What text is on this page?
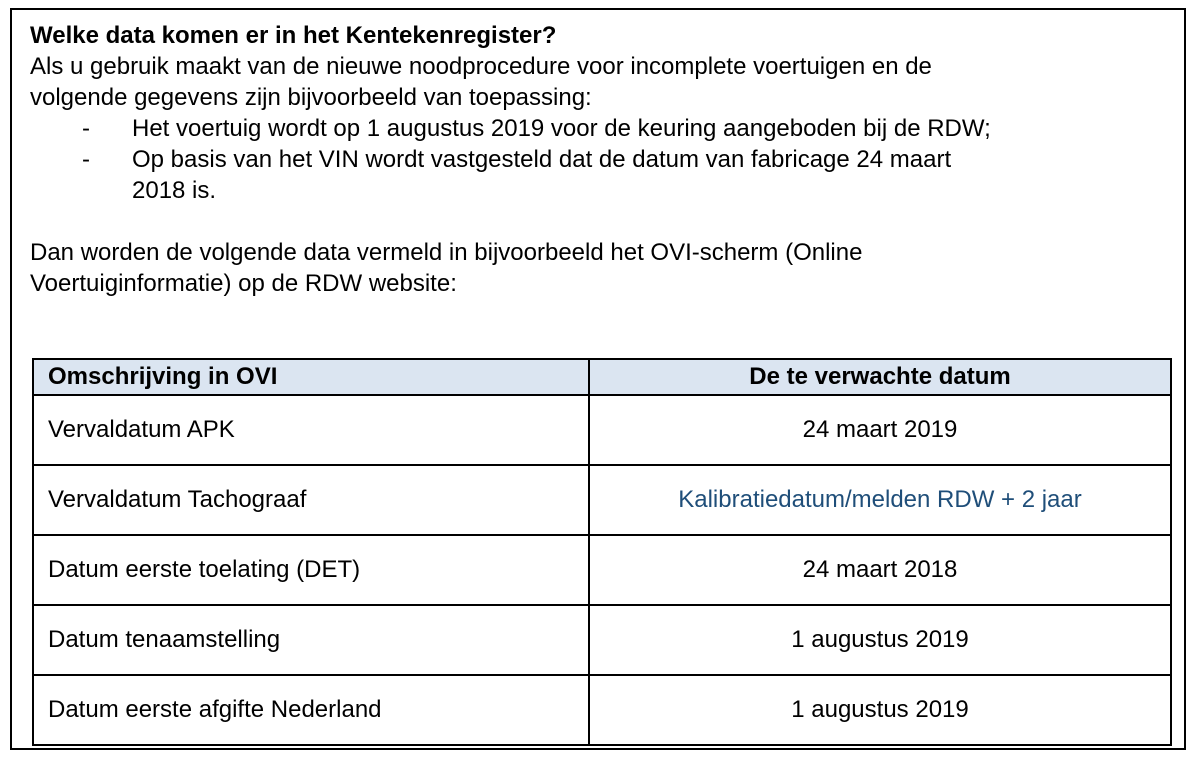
Welke data komen er in het Kentekenregister?

Als u gebruik maakt van de nieuwe noodprocedure voor incomplete voertuigen en de
volgende gegevens zijn bijvoorbeeld van toepassing:

- Het voertuig wordt op 1 augustus 2019 voor de keuring aangeboden bij de RDW;
- Op basis van het VIN wordt vastgesteld dat de datum van fabricage 24 maart
2018 is.

Dan worden de volgende data vermeld in bijvoorbeeld het OVI-scherm (Online
Voertuiginformatie) op de RDW website:

Omschrijving in OVI	De te verwachte datum
Vervaldatum APK	24 maart 2019
Vervaldatum Tachograaf	Kalibratiedatum/melden RDW + 2 jaar
Datum eerste toelating (DET)	24 maart 2018
Datum tenaamstelling	1 augustus 2019
Datum eerste afgifte Nederland	1 augustus 2019
